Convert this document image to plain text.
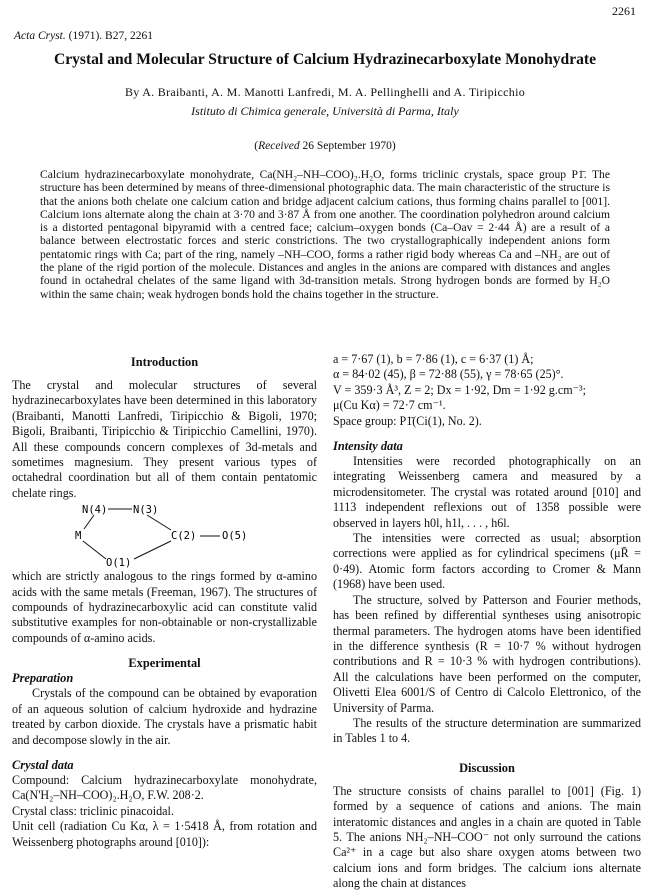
2261
Acta Cryst. (1971). B27, 2261
Crystal and Molecular Structure of Calcium Hydrazinecarboxylate Monohydrate
By A. Braibanti, A. M. Manotti Lanfredi, M. A. Pellinghelli and A. Tiripicchio
Istituto di Chimica generale, Università di Parma, Italy
(Received 26 September 1970)

Calcium hydrazinecarboxylate monohydrate, Ca(NH₂–NH–COO)₂.H₂O, forms triclinic crystals, space group P1̄. The structure has been determined by means of three-dimensional photographic data. The main characteristic of the structure is that the anions both chelate one calcium cation and bridge adjacent calcium cations, thus forming chains parallel to [001]. Calcium ions alternate along the chain at 3·70 and 3·87 Å from one another. The coordination polyhedron around calcium is a distorted pentagonal bipyramid with a centred face; calcium–oxygen bonds (Ca–Oav = 2·44 Å) are a result of a balance between electrostatic forces and steric constrictions. The two crystallographically independent anions form pentatomic rings with Ca; part of the ring, namely –NH–COO, forms a rather rigid body whereas Ca and –NH₂ are out of the plane of the rigid portion of the molecule. Distances and angles in the anions are compared with distances and angles found in octahedral chelates of the same ligand with 3d-transition metals. Strong hydrogen bonds are formed by H₂O within the same chain; weak hydrogen bonds hold the chains together in the structure.

Introduction

The crystal and molecular structures of several hydrazinecarboxylates have been determined in this laboratory (Braibanti, Manotti Lanfredi, Tiripicchio & Bigoli, 1970; Bigoli, Braibanti, Tiripicchio & Tiripicchio Camellini, 1970). All these compounds concern complexes of 3d-metals and sometimes magnesium. They present various types of octahedral coordination but all of them contain pentatomic chelate rings.

N(4) N(3)
M	C(2) O(5)
O(1)

which are strictly analogous to the rings formed by α-amino acids with the same metals (Freeman, 1967). The structures of compounds of hydrazinecarboxylic acid can constitute valid substitutive examples for non-obtainable or non-crystallizable compounds of α-amino acids.

Experimental
Preparation

Crystals of the compound can be obtained by evaporation of an aqueous solution of calcium hydroxide and hydrazine treated by carbon dioxide. The crystals have a prismatic habit and decompose slowly in the air.

Crystal data

Compound: Calcium hydrazinecarboxylate monohydrate, Ca(N'H₂–NH–COO)₂.H₂O, F.W. 208·2.

Crystal class: triclinic pinacoidal.

Unit cell (radiation Cu Kα, λ = 1·5418 Å, from rotation and Weissenberg photographs around [010]):

a = 7·67 (1), b = 7·86 (1), c = 6·37 (1) Å;
α = 84·02 (45), β = 72·88 (55), γ = 78·65 (25)°.
V = 359·3 Å³, Z = 2; Dx = 1·92, Dm = 1·92 g.cm⁻³;
μ(Cu Kα) = 72·7 cm⁻¹.
Space group: P1̄(Ci(1), No. 2).
Intensity data

Intensities were recorded photographically on an integrating Weissenberg camera and measured by a microdensitometer. The crystal was rotated around [010] and 1113 independent reflexions out of 1358 possible were observed in layers h0l, h1l, . . . , h6l.

The intensities were corrected as usual; absorption corrections were applied as for cylindrical specimens (μR̄ = 0·49). Atomic form factors according to Cromer & Mann (1968) have been used.

The structure, solved by Patterson and Fourier methods, has been refined by differential syntheses using anisotropic thermal parameters. The hydrogen atoms have been identified in the difference synthesis (R = 10·7 % without hydrogen contributions and R = 10·3 % with hydrogen contributions). All the calculations have been performed on the computer, Olivetti Elea 6001/S of Centro di Calcolo Elettronico, of the University of Parma.

The results of the structure determination are summarized in Tables 1 to 4.

Discussion

The structure consists of chains parallel to [001] (Fig. 1) formed by a sequence of cations and anions. The main interatomic distances and angles in a chain are quoted in Table 5. The anions NH₂–NH–COO⁻ not only surround the cations Ca²⁺ in a cage but also share oxygen atoms between two calcium ions and form bridges. The calcium ions alternate along the chain at distances
